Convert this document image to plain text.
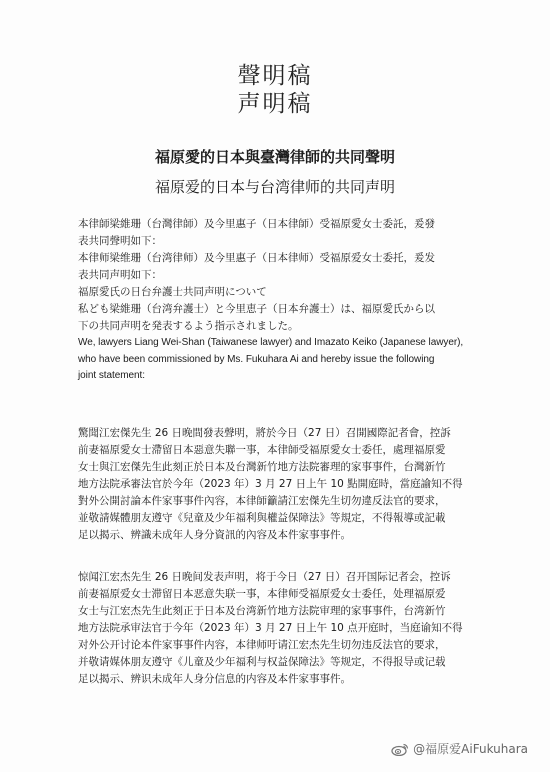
聲明稿
声明稿
福原愛的日本與臺灣律師的共同聲明
福原爱的日本与台湾律师的共同声明

本律師梁維珊（台灣律師）及今里惠子（日本律師）受福原愛女士委託，爰發

表共同聲明如下：

本律师梁维珊（台湾律师）及今里惠子（日本律师）受福原爱女士委托，爰发

表共同声明如下：

福原愛氏の日台弁護士共同声明について

私ども梁維珊（台湾弁護士）と今里恵子（日本弁護士）は、福原愛氏から以

下の共同声明を発表するよう指示されました。

We, lawyers Liang Wei-Shan (Taiwanese lawyer) and Imazato Keiko (Japanese lawyer),

who have been commissioned by Ms. Fukuhara Ai and hereby issue the following

joint statement:

驚聞江宏傑先生 26 日晚間發表聲明，將於今日（27 日）召開國際記者會，控訴

前妻福原愛女士滯留日本惡意失聯一事，本律師受福原愛女士委任，處理福原愛

女士與江宏傑先生此刻正於日本及台灣新竹地方法院審理的家事事件，台灣新竹

地方法院承審法官於今年（2023 年）3 月 27 日上午 10 點開庭時，當庭諭知不得

對外公開討論本件家事事件內容，本律師籲請江宏傑先生切勿違反法官的要求，

並敬請媒體朋友遵守《兒童及少年福利與權益保障法》等規定，不得報導或記載

足以揭示、辨識未成年人身分資訊的內容及本件家事事件。

惊闻江宏杰先生 26 日晚间发表声明，将于今日（27 日）召开国际记者会，控诉

前妻福原爱女士滞留日本恶意失联一事，本律师受福原爱女士委任，处理福原爱

女士与江宏杰先生此刻正于日本及台湾新竹地方法院审理的家事事件，台湾新竹

地方法院承审法官于今年（2023 年）3 月 27 日上午 10 点开庭时，当庭谕知不得

对外公开讨论本件家事事件内容，本律师吁请江宏杰先生切勿违反法官的要求，

并敬请媒体朋友遵守《儿童及少年福利与权益保障法》等规定，不得报导或记载

足以揭示、辨识未成年人身分信息的内容及本件家事事件。

@福原爱AiFukuhara
